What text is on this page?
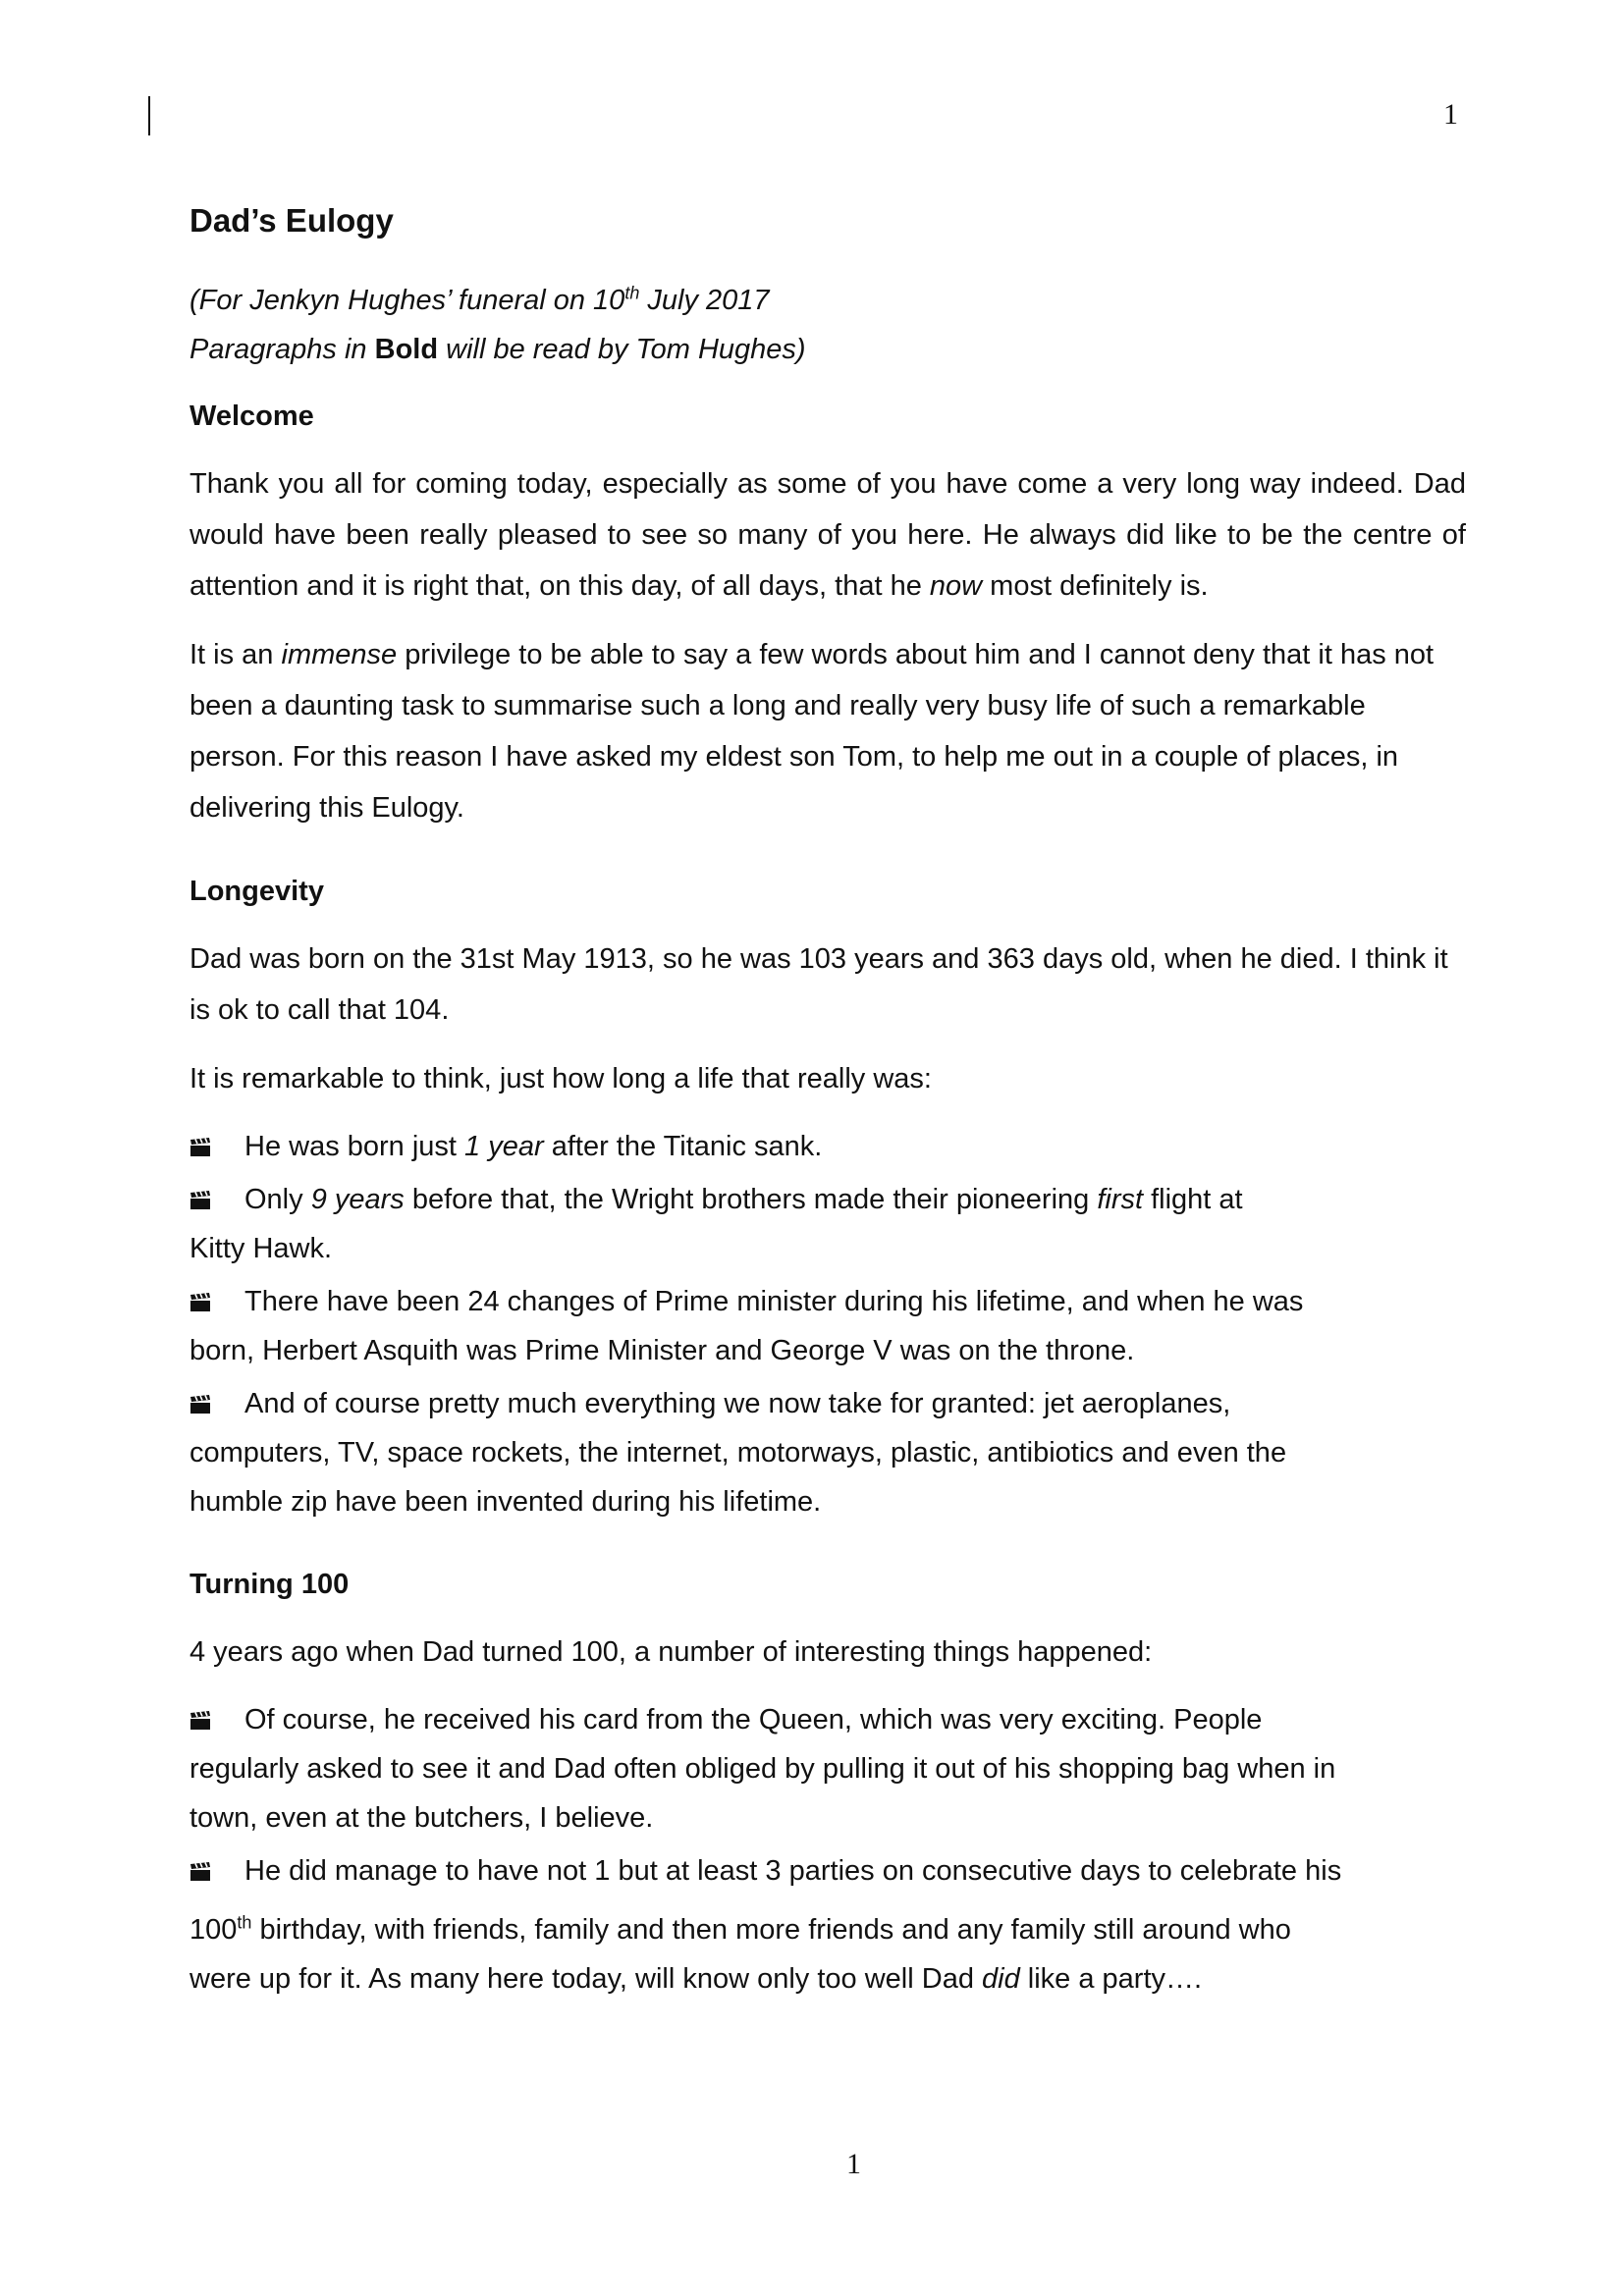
1
Dad’s Eulogy

(For Jenkyn Hughes’ funeral on 10th July 2017

Paragraphs in Bold will be read by Tom Hughes)

Welcome

Thank you all for coming today, especially as some of you have come a very long way indeed. Dad would have been really pleased to see so many of you here. He always did like to be the centre of attention and it is right that, on this day, of all days, that he now most definitely is.

It is an immense privilege to be able to say a few words about him and I cannot deny that it has not been a daunting task to summarise such a long and really very busy life of such a remarkable person. For this reason I have asked my eldest son Tom, to help me out in a couple of places, in delivering this Eulogy.

Longevity

Dad was born on the 31st May 1913, so he was 103 years and 363 days old, when he died. I think it is ok to call that 104.

It is remarkable to think, just how long a life that really was:

He was born just 1 year after the Titanic sank.

Only 9 years before that, the Wright brothers made their pioneering first flight at
Kitty Hawk.

There have been 24 changes of Prime minister during his lifetime, and when he was
born, Herbert Asquith was Prime Minister and George V was on the throne.

And of course pretty much everything we now take for granted: jet aeroplanes,
computers, TV, space rockets, the internet, motorways, plastic, antibiotics and even the
humble zip have been invented during his lifetime.

Turning 100

4 years ago when Dad turned 100, a number of interesting things happened:

Of course, he received his card from the Queen, which was very exciting. People
regularly asked to see it and Dad often obliged by pulling it out of his shopping bag when in
town, even at the butchers, I believe.

He did manage to have not 1 but at least 3 parties on consecutive days to celebrate his
100th birthday, with friends, family and then more friends and any family still around who
were up for it. As many here today, will know only too well Dad did like a party….

1
